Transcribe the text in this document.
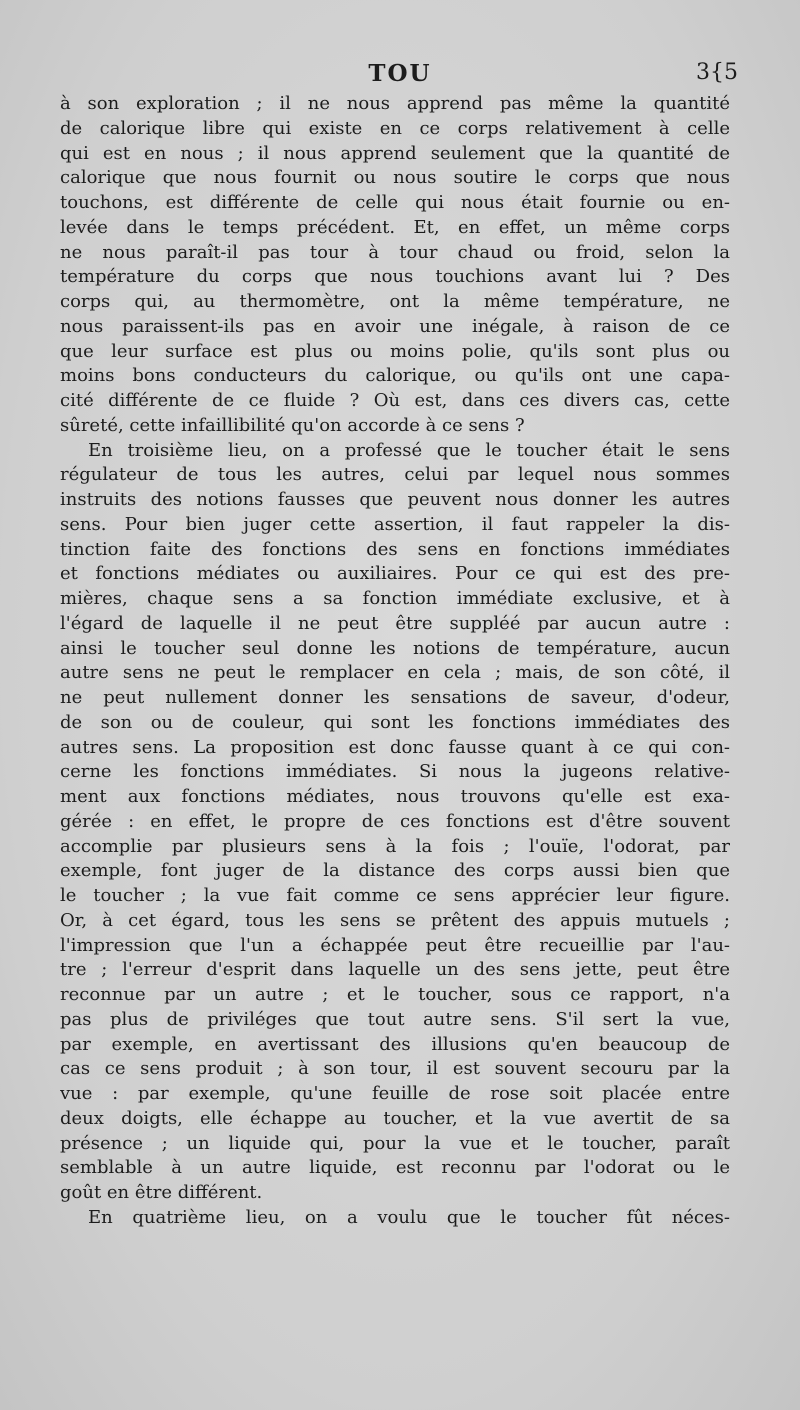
TOU	3{5
à son exploration ; il ne nous apprend pas même la quantité
de calorique libre qui existe en ce corps relativement à celle
qui est en nous ; il nous apprend seulement que la quantité de
calorique que nous fournit ou nous soutire le corps que nous
touchons, est différente de celle qui nous était fournie ou en-
levée dans le temps précédent. Et, en effet, un même corps
ne nous paraît-il pas tour à tour chaud ou froid, selon la
température du corps que nous touchions avant lui ? Des
corps qui, au thermomètre, ont la même température, ne
nous paraissent-ils pas en avoir une inégale, à raison de ce
que leur surface est plus ou moins polie, qu'ils sont plus ou
moins bons conducteurs du calorique, ou qu'ils ont une capa-
cité différente de ce fluide ? Où est, dans ces divers cas, cette
sûreté, cette infaillibilité qu'on accorde à ce sens ?
En troisième lieu, on a professé que le toucher était le sens
régulateur de tous les autres, celui par lequel nous sommes
instruits des notions fausses que peuvent nous donner les autres
sens. Pour bien juger cette assertion, il faut rappeler la dis-
tinction faite des fonctions des sens en fonctions immédiates
et fonctions médiates ou auxiliaires. Pour ce qui est des pre-
mières, chaque sens a sa fonction immédiate exclusive, et à
l'égard de laquelle il ne peut être suppléé par aucun autre :
ainsi le toucher seul donne les notions de température, aucun
autre sens ne peut le remplacer en cela ; mais, de son côté, il
ne peut nullement donner les sensations de saveur, d'odeur,
de son ou de couleur, qui sont les fonctions immédiates des
autres sens. La proposition est donc fausse quant à ce qui con-
cerne les fonctions immédiates. Si nous la jugeons relative-
ment aux fonctions médiates, nous trouvons qu'elle est exa-
gérée : en effet, le propre de ces fonctions est d'être souvent
accomplie par plusieurs sens à la fois ; l'ouïe, l'odorat, par
exemple, font juger de la distance des corps aussi bien que
le toucher ; la vue fait comme ce sens apprécier leur figure.
Or, à cet égard, tous les sens se prêtent des appuis mutuels ;
l'impression que l'un a échappée peut être recueillie par l'au-
tre ; l'erreur d'esprit dans laquelle un des sens jette, peut être
reconnue par un autre ; et le toucher, sous ce rapport, n'a
pas plus de priviléges que tout autre sens. S'il sert la vue,
par exemple, en avertissant des illusions qu'en beaucoup de
cas ce sens produit ; à son tour, il est souvent secouru par la
vue : par exemple, qu'une feuille de rose soit placée entre
deux doigts, elle échappe au toucher, et la vue avertit de sa
présence ; un liquide qui, pour la vue et le toucher, paraît
semblable à un autre liquide, est reconnu par l'odorat ou le
goût en être différent.
En quatrième lieu, on a voulu que le toucher fût néces-
